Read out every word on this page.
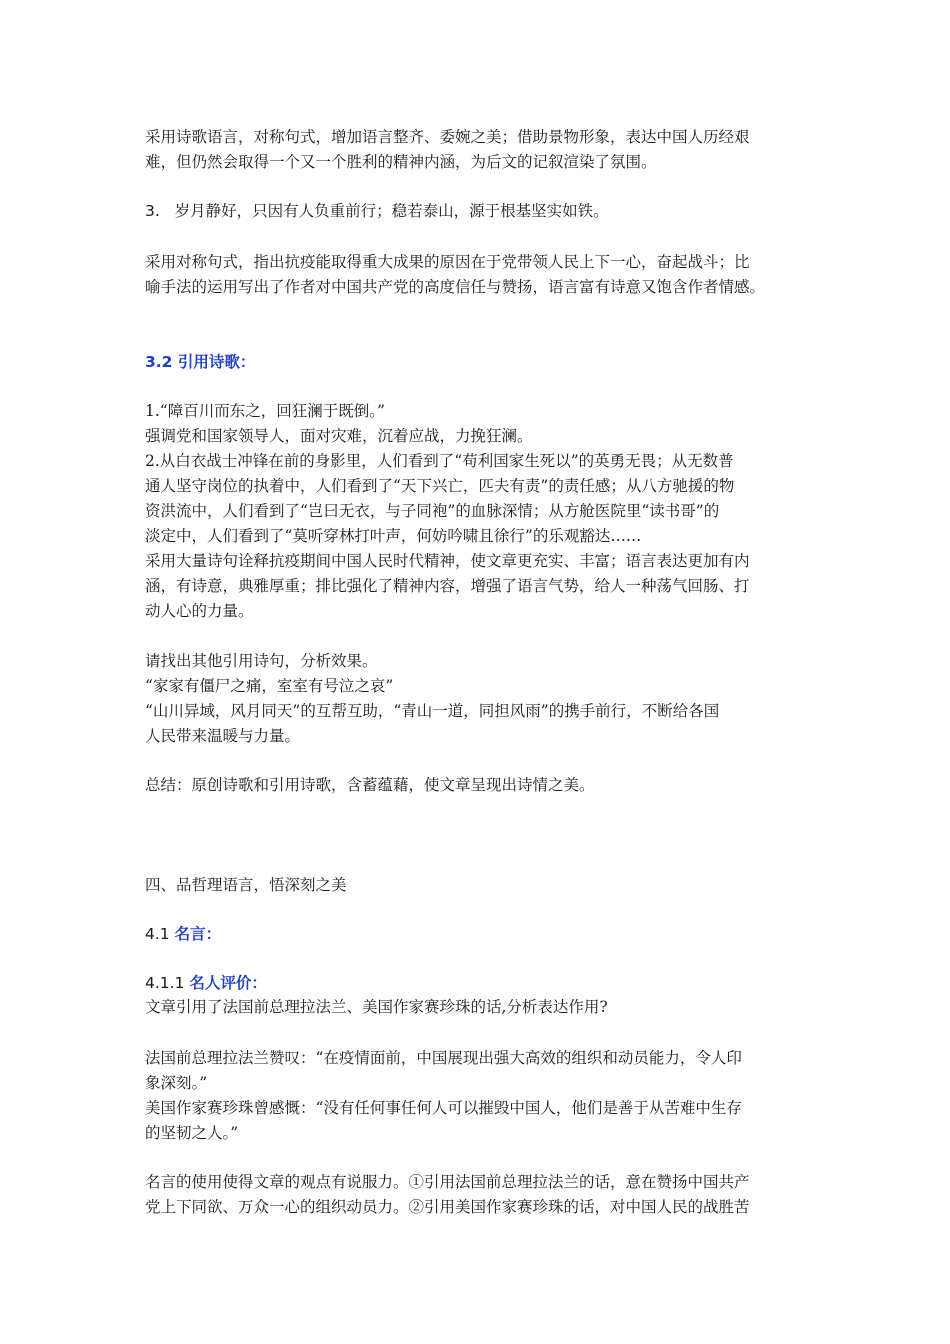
采用诗歌语言，对称句式，增加语言整齐、委婉之美；借助景物形象，表达中国人历经艰

难，但仍然会取得一个又一个胜利的精神内涵，为后文的记叙渲染了氛围。

3. 岁月静好，只因有人负重前行；稳若泰山，源于根基坚实如铁。

采用对称句式，指出抗疫能取得重大成果的原因在于党带领人民上下一心，奋起战斗；比

喻手法的运用写出了作者对中国共产党的高度信任与赞扬，语言富有诗意又饱含作者情感。

3.2 引用诗歌：

1.“障百川而东之，回狂澜于既倒。”

强调党和国家领导人，面对灾难，沉着应战，力挽狂澜。

2.从白衣战士冲锋在前的身影里，人们看到了“苟利国家生死以”的英勇无畏；从无数普

通人坚守岗位的执着中，人们看到了“天下兴亡，匹夫有责”的责任感；从八方驰援的物

资洪流中，人们看到了“岂曰无衣，与子同袍”的血脉深情；从方舱医院里“读书哥”的

淡定中，人们看到了“莫听穿林打叶声，何妨吟啸且徐行”的乐观豁达……

采用大量诗句诠释抗疫期间中国人民时代精神，使文章更充实、丰富；语言表达更加有内

涵，有诗意，典雅厚重；排比强化了精神内容，增强了语言气势，给人一种荡气回肠、打

动人心的力量。

请找出其他引用诗句，分析效果。

“家家有僵尸之痛，室室有号泣之哀”

“山川异域，风月同天”的互帮互助，“青山一道，同担风雨”的携手前行，不断给各国

人民带来温暖与力量。

总结：原创诗歌和引用诗歌，含蓄蕴藉，使文章呈现出诗情之美。

四、品哲理语言，悟深刻之美

4.1 名言：

4.1.1 名人评价：

文章引用了法国前总理拉法兰、美国作家赛珍珠的话,分析表达作用?

法国前总理拉法兰赞叹：“在疫情面前，中国展现出强大高效的组织和动员能力，令人印

象深刻。”

美国作家赛珍珠曾感慨：“没有任何事任何人可以摧毁中国人，他们是善于从苦难中生存

的坚韧之人。”

名言的使用使得文章的观点有说服力。①引用法国前总理拉法兰的话，意在赞扬中国共产

党上下同欲、万众一心的组织动员力。②引用美国作家赛珍珠的话，对中国人民的战胜苦
